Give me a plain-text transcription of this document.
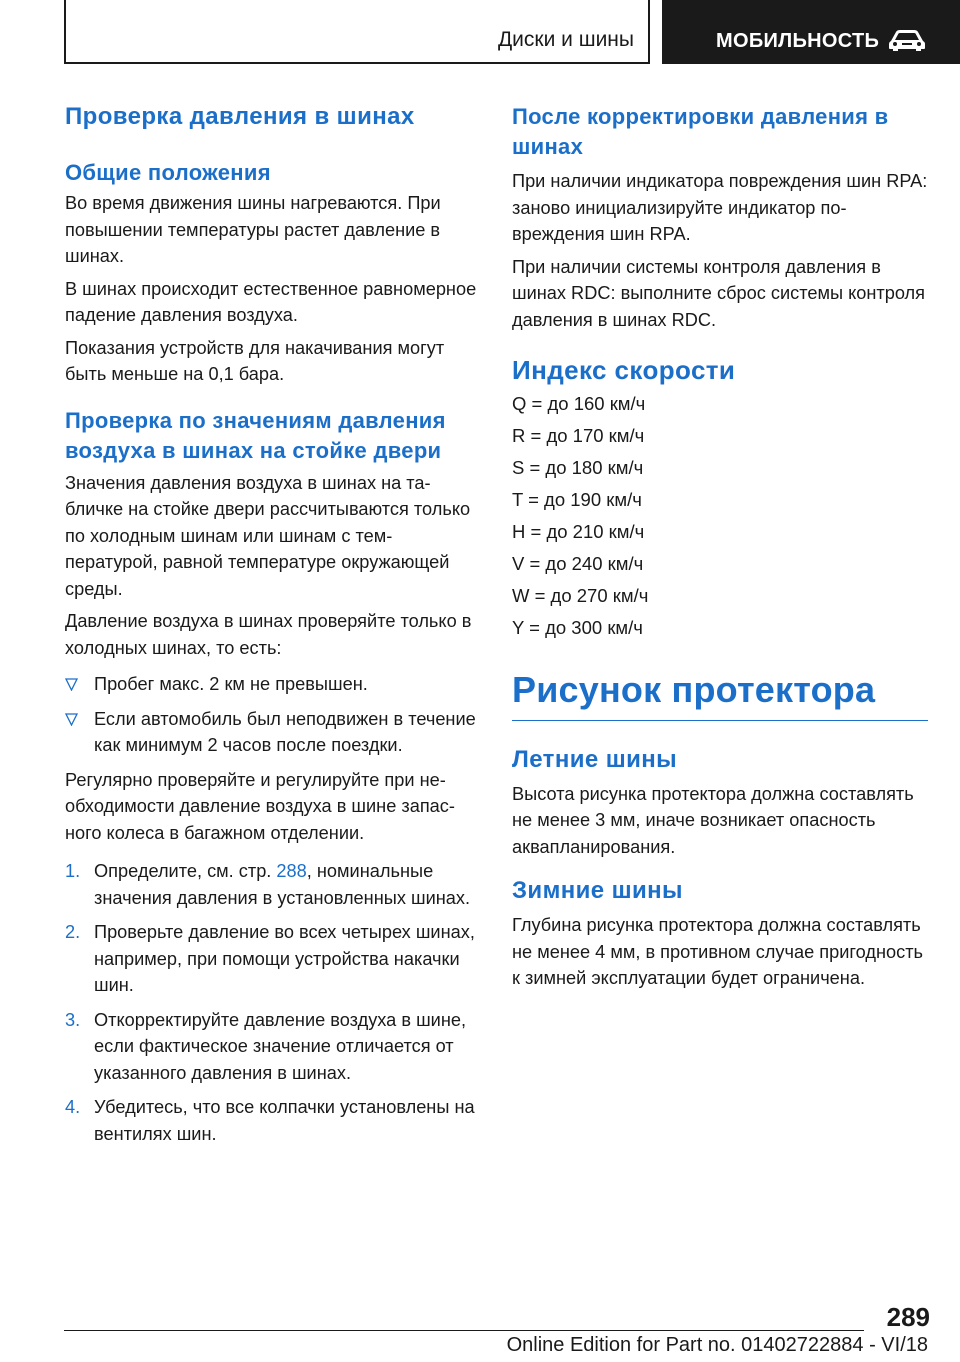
Диски и шины	МОБИЛЬНОСТЬ
Проверка давления в шинах
Общие положения

Во время движения шины нагреваются. При повышении температуры растет давление в шинах.

В шинах происходит естественное равномерное падение давления воздуха.

Показания устройств для накачивания могут быть меньше на 0,1 бара.

Проверка по значениям давления воздуха в шинах на стойке двери

Значения давления воздуха в шинах на табличке на стойке двери рассчитываются только по холодным шинам или шинам с температурой, равной температуре окружающей среды.

Давление воздуха в шинах проверяйте только в холодных шинах, то есть:

Пробег макс. 2 км не превышен.
Если автомобиль был неподвижен в течение как минимум 2 часов после поездки.

Регулярно проверяйте и регулируйте при необходимости давление воздуха в шине запасного колеса в багажном отделении.

1. Определите, см. стр. 288, номинальные значения давления в установленных шинах.
2. Проверьте давление во всех четырех шинах, например, при помощи устройства накачки шин.
3. Откорректируйте давление воздуха в шине, если фактическое значение отличается от указанного давления в шинах.
4. Убедитесь, что все колпачки установлены на вентилях шин.
После корректировки давления в шинах

При наличии индикатора повреждения шин RPA: заново инициализируйте индикатор повреждения шин RPA.

При наличии системы контроля давления в шинах RDC: выполните сброс системы контроля давления в шинах RDC.

Индекс скорости
Q = до 160 км/ч
R = до 170 км/ч
S = до 180 км/ч
T = до 190 км/ч
H = до 210 км/ч
V = до 240 км/ч
W = до 270 км/ч
Y = до 300 км/ч
Рисунок протектора
Летние шины

Высота рисунка протектора должна составлять не менее 3 мм, иначе возникает опасность аквапланирования.

Зимние шины

Глубина рисунка протектора должна составлять не менее 4 мм, в противном случае пригодность к зимней эксплуатации будет ограничена.

289
Online Edition for Part no. 01402722884 - VI/18
